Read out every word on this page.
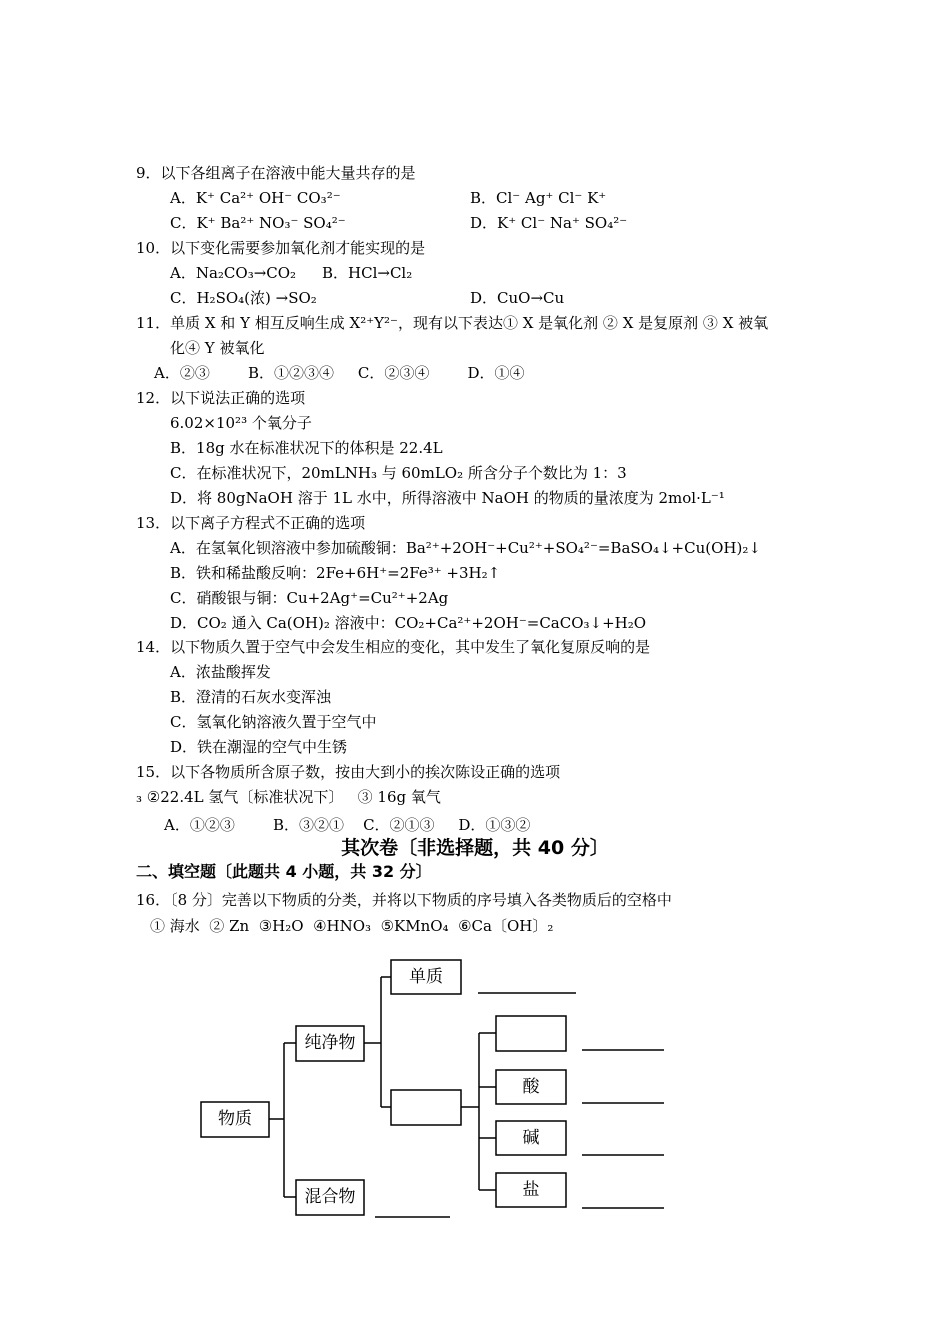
9．以下各组离子在溶液中能大量共存的是
A．K⁺ Ca²⁺ OH⁻ CO₃²⁻	B．Cl⁻ Ag⁺ Cl⁻ K⁺
C．K⁺ Ba²⁺ NO₃⁻ SO₄²⁻	D．K⁺ Cl⁻ Na⁺ SO₄²⁻
10．以下变化需要参加氧化剂才能实现的是
A．Na₂CO₃→CO₂ B．HCl→Cl₂
C．H₂SO₄(浓) →SO₂	D．CuO→Cu
11．单质 X 和 Y 相互反响生成 X²⁺Y²⁻，现有以下表达① X 是氧化剂 ② X 是复原剂 ③ X 被氧
化④ Y 被氧化
A．②③        B．①②③④     C．②③④        D．①④
12．以下说法正确的选项
6.02×10²³ 个氧分子
B．18g 水在标准状况下的体积是 22.4L
C．在标准状况下，20mLNH₃ 与 60mLO₂ 所含分子个数比为 1：3
D．将 80gNaOH 溶于 1L 水中，所得溶液中 NaOH 的物质的量浓度为 2mol·L⁻¹
13．以下离子方程式不正确的选项
A．在氢氧化钡溶液中参加硫酸铜：Ba²⁺+2OH⁻+Cu²⁺+SO₄²⁻=BaSO₄↓+Cu(OH)₂↓
B．铁和稀盐酸反响：2Fe+6H⁺=2Fe³⁺ +3H₂↑
C．硝酸银与铜：Cu+2Ag⁺=Cu²⁺+2Ag
D．CO₂ 通入 Ca(OH)₂ 溶液中：CO₂+Ca²⁺+2OH⁻=CaCO₃↓+H₂O
14．以下物质久置于空气中会发生相应的变化，其中发生了氧化复原反响的是
A．浓盐酸挥发
B．澄清的石灰水变浑浊
C．氢氧化钠溶液久置于空气中
D．铁在潮湿的空气中生锈
15．以下各物质所含原子数，按由大到小的挨次陈设正确的选项
₃ ②22.4L 氢气〔标准状况下〕   ③ 16g 氧气
A．①②③        B．③②①    C．②①③     D．①③②
其次卷〔非选择题，共 40 分〕
二、填空题〔此题共 4 小题，共 32 分〕
16．〔8 分〕完善以下物质的分类，并将以下物质的序号填入各类物质后的空格中
① 海水  ② Zn  ③H₂O  ④HNO₃  ⑤KMnO₄  ⑥Ca〔OH〕₂
物质
纯净物
混合物
单质
酸
碱
盐
